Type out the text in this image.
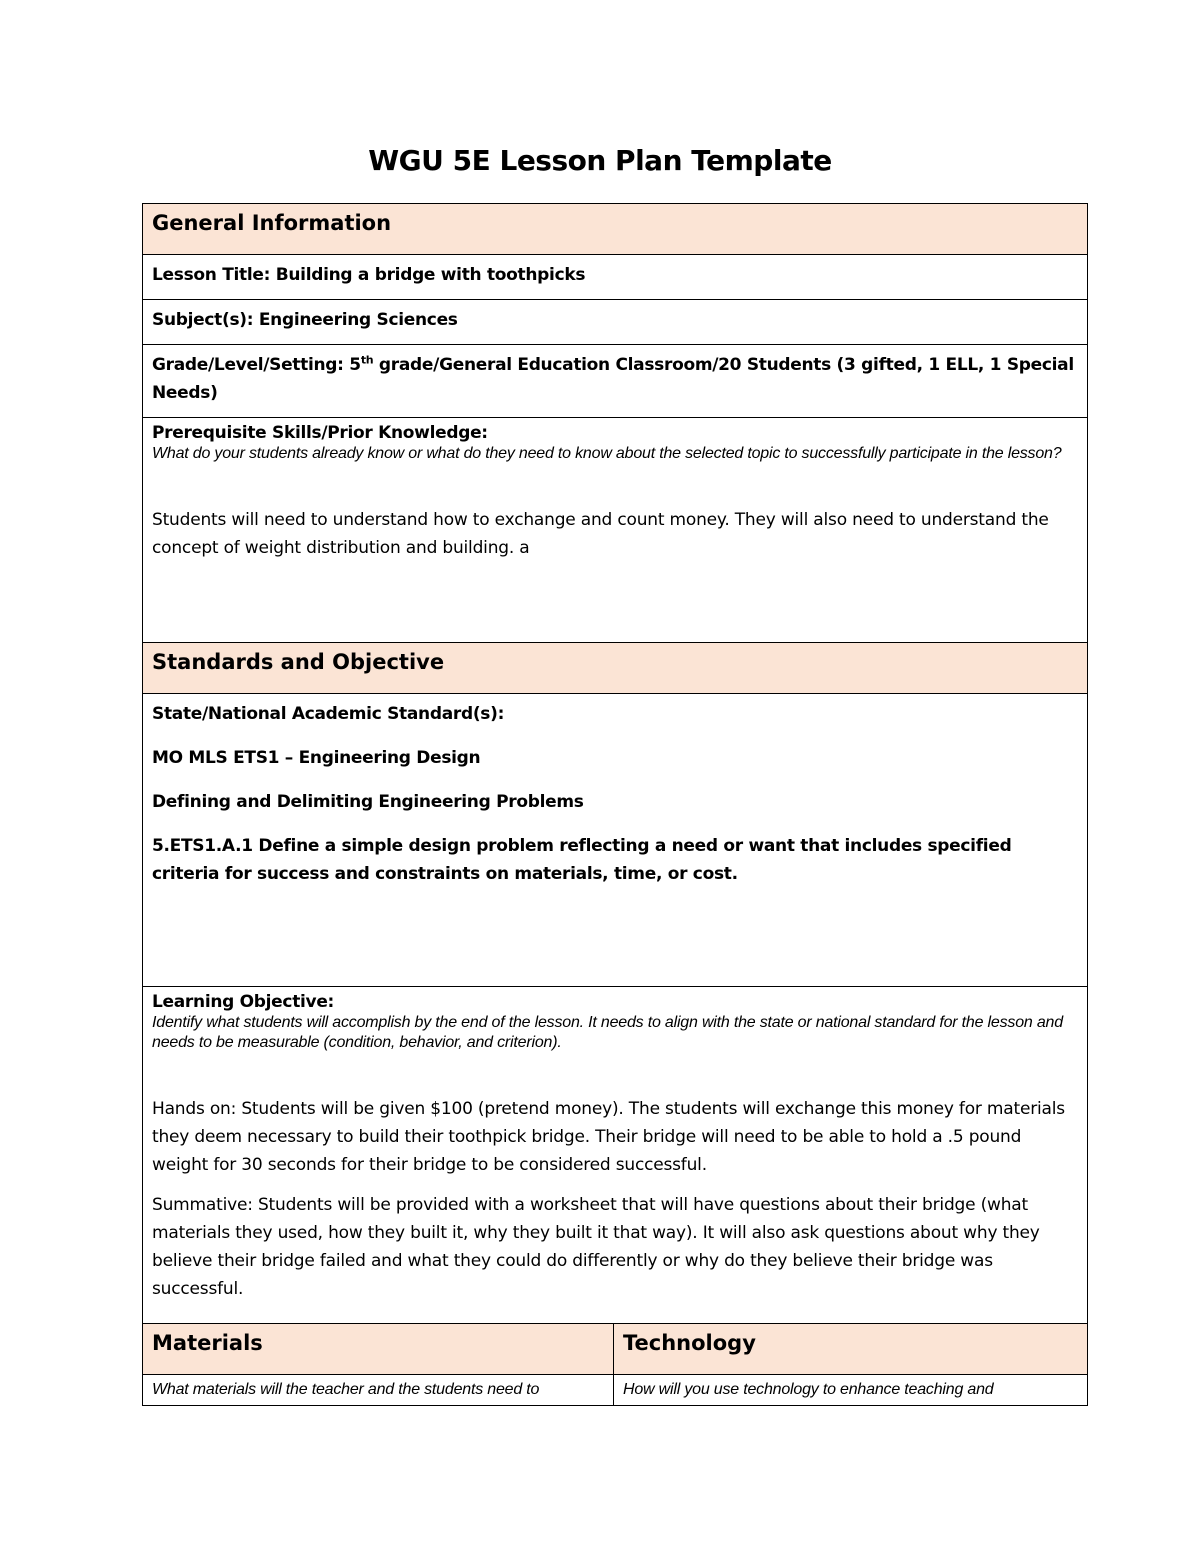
WGU 5E Lesson Plan Template
General Information	
Lesson Title: Building a bridge with toothpicks	
Subject(s): Engineering Sciences	
Grade/Level/Setting: 5th grade/General Education Classroom/20 Students (3 gifted, 1 ELL, 1 Special Needs)	

Prerequisite Skills/Prior Knowledge:
What do your students already know or what do they need to know about the selected topic to successfully participate in the lesson?
Students will need to understand how to exchange and count money. They will also need to understand the concept of weight distribution and building. a	

Standards and Objective	

State/National Academic Standard(s):
MO MLS ETS1 – Engineering Design
Defining and Delimiting Engineering Problems
5.ETS1.A.1 Define a simple design problem reflecting a need or want that includes specified criteria for success and constraints on materials, time, or cost.	

Learning Objective:
Identify what students will accomplish by the end of the lesson. It needs to align with the state or national standard for the lesson and needs to be measurable (condition, behavior, and criterion).
Hands on: Students will be given $100 (pretend money). The students will exchange this money for materials they deem necessary to build their toothpick bridge. Their bridge will need to be able to hold a .5 pound weight for 30 seconds for their bridge to be considered successful.
Summative: Students will be provided with a worksheet that will have questions about their bridge (what materials they used, how they built it, why they built it that way). It will also ask questions about why they believe their bridge failed and what they could do differently or why do they believe their bridge was successful.	

Materials	Technology

What materials will the teacher and the students need to	How will you use technology to enhance teaching and
